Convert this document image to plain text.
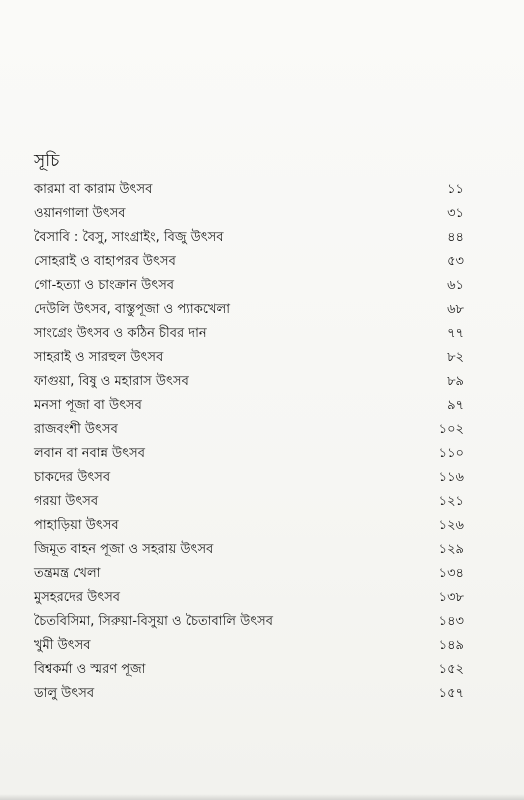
সূচি
কারমা বা কারাম উৎসব	১১
ওয়ানগালা উৎসব	৩১
বৈসাবি : বৈসু, সাংগ্রাইং, বিজু উৎসব	৪৪
সোহরাই ও বাহাপরব উৎসব	৫৩
গো-হত্যা ও চাংক্রান উৎসব	৬১
দেউলি উৎসব, বাস্তুপূজা ও প্যাকখেলা	৬৮
সাংগ্রেং উৎসব ও কঠিন চীবর দান	৭৭
সাহরাই ও সারহুল উৎসব	৮২
ফাগুয়া, বিষু ও মহারাস উৎসব	৮৯
মনসা পূজা বা উৎসব	৯৭
রাজবংশী উৎসব	১০২
লবান বা নবান্ন উৎসব	১১০
চাকদের উৎসব	১১৬
গরয়া উৎসব	১২১
পাহাড়িয়া উৎসব	১২৬
জিমূত বাহন পূজা ও সহরায় উৎসব	১২৯
তন্ত্রমন্ত্র খেলা	১৩৪
মুসহরদের উৎসব	১৩৮
চৈতবিসিমা, সিরুয়া-বিসুয়া ও চৈতাবালি উৎসব	১৪৩
খুমী উৎসব	১৪৯
বিশ্বকর্মা ও স্মরণ পূজা	১৫২
ডালু উৎসব	১৫৭
